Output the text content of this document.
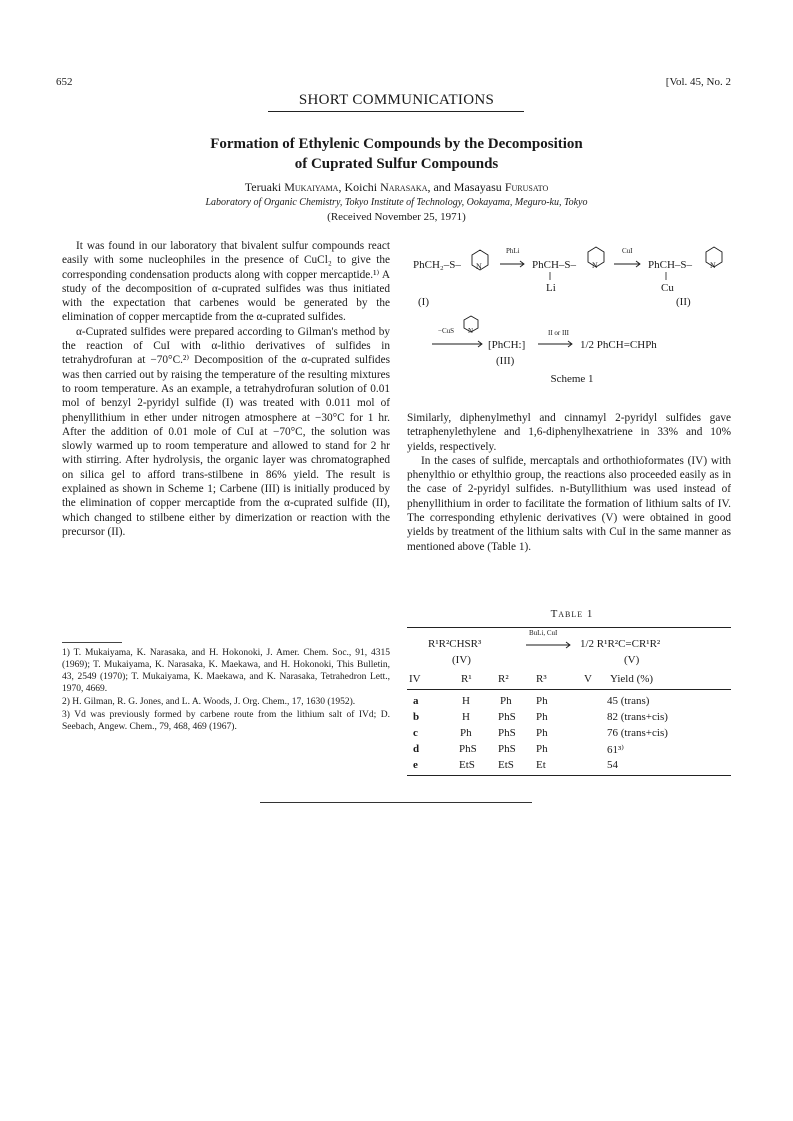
652	[Vol. 45, No. 2
SHORT COMMUNICATIONS
Formation of Ethylenic Compounds by the Decomposition
of Cuprated Sulfur Compounds
Teruaki Mukaiyama, Koichi Narasaka, and Masayasu Furusato
Laboratory of Organic Chemistry, Tokyo Institute of Technology, Ookayama, Meguro-ku, Tokyo
(Received November 25, 1971)

It was found in our laboratory that bivalent sulfur compounds react easily with some nucleophiles in the presence of CuCl₂ to give the corresponding condensation products along with copper mercaptide.¹⁾ A study of the decomposition of α-cuprated sulfides was thus initiated with the expectation that carbenes would be generated by the elimination of copper mercaptide from the α-cuprated sulfides.

α-Cuprated sulfides were prepared according to Gilman's method by the reaction of CuI with α-lithio derivatives of sulfides in tetrahydrofuran at −70°C.²⁾ Decomposition of the α-cuprated sulfides was then carried out by raising the temperature of the resulting mixtures to room temperature. As an example, a tetrahydrofuran solution of 0.01 mol of benzyl 2-pyridyl sulfide (I) was treated with 0.011 mol of phenyllithium in ether under nitrogen atmosphere at −30°C for 1 hr. After the addition of 0.01 mole of CuI at −70°C, the solution was slowly warmed up to room temperature and allowed to stand for 2 hr with stirring. After hydrolysis, the organic layer was chromatographed on silica gel to afford trans-stilbene in 86% yield. The result is explained as shown in Scheme 1; Carbene (III) is initially produced by the elimination of copper mercaptide from the α-cuprated sulfide (II), which changed to stilbene either by dimerization or reaction with the precursor (II).

1) T. Mukaiyama, K. Narasaka, and H. Hokonoki, J. Amer. Chem. Soc., 91, 4315 (1969); T. Mukaiyama, K. Narasaka, K. Maekawa, and H. Hokonoki, This Bulletin, 43, 2549 (1970); T. Mukaiyama, K. Maekawa, and K. Narasaka, Tetrahedron Lett., 1970, 4669.

2) H. Gilman, R. G. Jones, and L. A. Woods, J. Org. Chem., 17, 1630 (1952).

3) Vd was previously formed by carbene route from the lithium salt of IVd; D. Seebach, Angew. Chem., 79, 468, 469 (1967).

PhCH₂–S– N
PhLi
PhCH–S–
Li
N
CuI
PhCH–S–
Cu
N
(I)	(II)
−CuS N
[PhCH:]
II or III
1/2 PhCH=CHPh
(III)
Scheme 1

Similarly, diphenylmethyl and cinnamyl 2-pyridyl sulfides gave tetraphenylethylene and 1,6-diphenylhexatriene in 33% and 10% yields, respectively.

In the cases of sulfide, mercaptals and orthothioformates (IV) with phenylthio or ethylthio group, the reactions also proceeded easily as in the case of 2-pyridyl sulfides. n-Butyllithium was used instead of phenyllithium in order to facilitate the formation of lithium salts of IV. The corresponding ethylenic derivatives (V) were obtained in good yields by treatment of the lithium salts with CuI in the same manner as mentioned above (Table 1).

Table 1
R¹R²CHSR³
BuLi, CuI
1/2 R¹R²C=CR¹R²
(IV)	(V)
IV	R¹ R² R³	V Yield (%)
a	H	Ph Ph	45 (trans)
b	H	PhS Ph	82 (trans+cis)
c	Ph PhS Ph	76 (trans+cis)
d	PhS PhS Ph	61³⁾
e	EtS EtS Et	54
